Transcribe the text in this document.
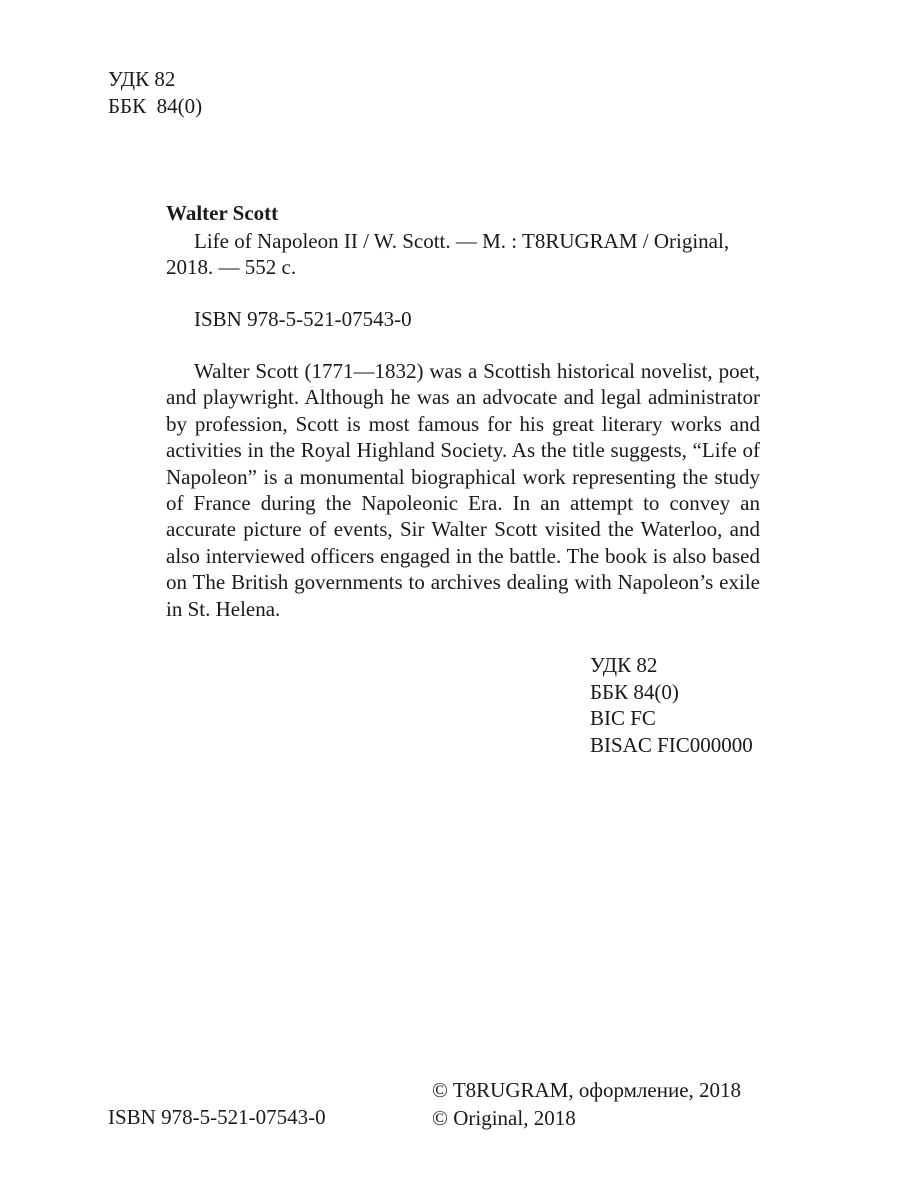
УДК 82
ББК  84(0)
Walter Scott
Life of Napoleon II / W. Scott. — M. : T8RUGRAM / Original, 2018. — 552 с.
ISBN 978-5-521-07543-0
Walter Scott (1771—1832) was a Scottish historical novelist, poet, and playwright. Although he was an advocate and legal administrator by profession, Scott is most famous for his great literary works and activities in the Royal Highland Society. As the title suggests, “Life of Napoleon” is a monumental biographical work representing the study of France during the Napoleonic Era. In an attempt to convey an accurate picture of events, Sir Walter Scott visited the Waterloo, and also interviewed officers engaged in the battle. The book is also based on The British governments to archives dealing with Napoleon’s exile in St. Helena.
УДК 82
ББК 84(0)
BIC FC
BISAC FIC000000
ISBN 978-5-521-07543-0
© T8RUGRAM, оформление, 2018
© Original, 2018
